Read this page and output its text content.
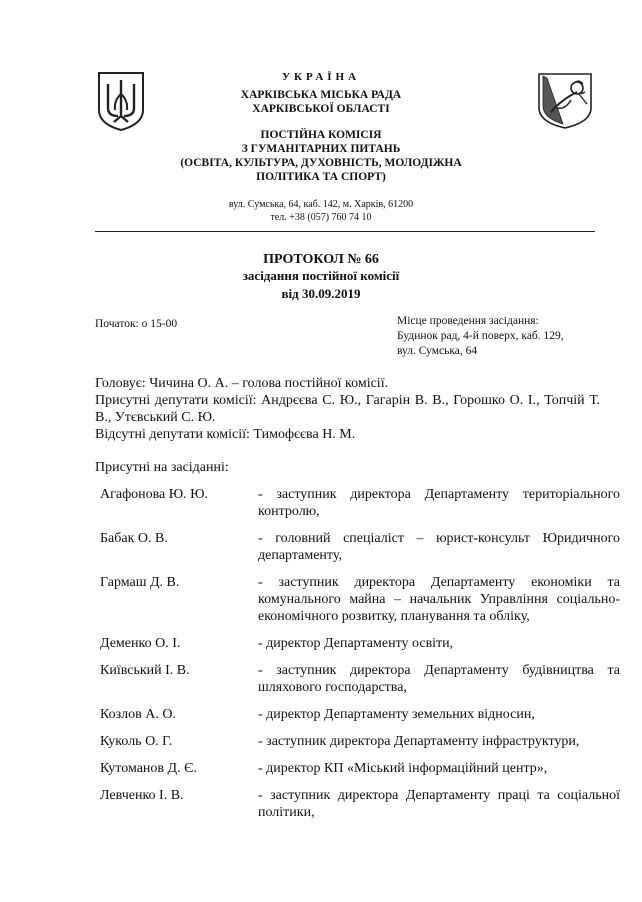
УКРАЇНА
ХАРКІВСЬКА МІСЬКА РАДА
ХАРКІВСЬКОЇ ОБЛАСТІ
ПОСТІЙНА КОМІСІЯ
З ГУМАНІТАРНИХ ПИТАНЬ
(ОСВІТА, КУЛЬТУРА, ДУХОВНІСТЬ, МОЛОДІЖНА
ПОЛІТИКА ТА СПОРТ)
вул. Сумська, 64, каб. 142, м. Харків, 61200
тел. +38 (057) 760 74 10
ПРОТОКОЛ № 66
засідання постійної комісії
від 30.09.2019
Початок: о 15-00	Місце проведення засідання:
Будинок рад, 4-й поверх, каб. 129,
вул. Сумська, 64

Головує: Чичина О. А. – голова постійної комісії.

Присутні депутати комісії: Андрєєва С. Ю., Гагарін В. В., Горошко О. І., Топчій Т. В., Утєвський С. Ю.

Відсутні депутати комісії: Тимофєєва Н. М.

Присутні на засіданні:
Агафонова Ю. Ю.	- заступник директора Департаменту територіального контролю,
Бабак О. В.	- головний спеціаліст – юрист-консульт Юридичного департаменту,
Гармаш Д. В.	- заступник директора Департаменту економіки та комунального майна – начальник Управління соціально-економічного розвитку, планування та обліку,
Деменко О. І.	- директор Департаменту освіти,
Київський І. В.	- заступник директора Департаменту будівництва та шляхового господарства,
Козлов А. О.	- директор Департаменту земельних відносин,
Куколь О. Г.	- заступник директора Департаменту інфраструктури,
Кутоманов Д. Є.	- директор КП «Міський інформаційний центр»,
Левченко І. В.	- заступник директора Департаменту праці та соціальної політики,
